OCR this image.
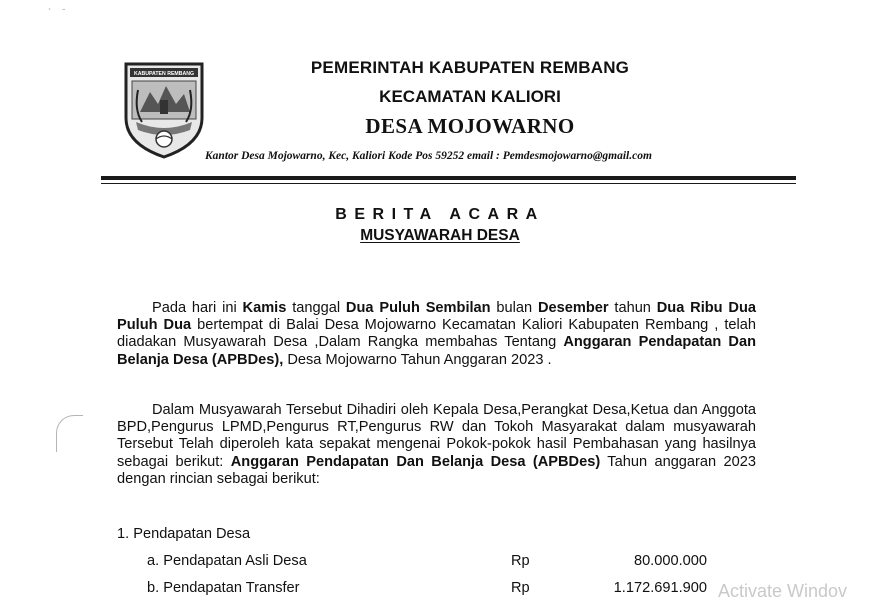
ˋ ˉ
KABUPATEN REMBANG	PEMERINTAH KABUPATEN REMBANG
KECAMATAN KALIORI
DESA MOJOWARNO
Kantor Desa Mojowarno, Kec, Kaliori Kode Pos 59252 email : Pemdesmojowarno@gmail.com
BERITA ACARA
MUSYAWARAH DESA
Pada hari ini Kamis tanggal Dua Puluh Sembilan bulan Desember tahun Dua Ribu Dua Puluh Dua bertempat di Balai Desa Mojowarno Kecamatan Kaliori Kabupaten Rembang , telah diadakan Musyawarah Desa ,Dalam Rangka membahas Tentang Anggaran Pendapatan Dan Belanja Desa (APBDes), Desa Mojowarno Tahun Anggaran 2023 .
Dalam Musyawarah Tersebut Dihadiri oleh Kepala Desa,Perangkat Desa,Ketua dan Anggota BPD,Pengurus LPMD,Pengurus RT,Pengurus RW dan Tokoh Masyarakat dalam musyawarah Tersebut Telah diperoleh kata sepakat mengenai Pokok-pokok hasil Pembahasan yang hasilnya sebagai berikut: Anggaran Pendapatan Dan Belanja Desa (APBDes) Tahun anggaran 2023 dengan rincian sebagai berikut:
1. Pendapatan Desa
a. Pendapatan Asli Desa	Rp	80.000.000
b. Pendapatan Transfer	Rp	1.172.691.900 Activate Windov
